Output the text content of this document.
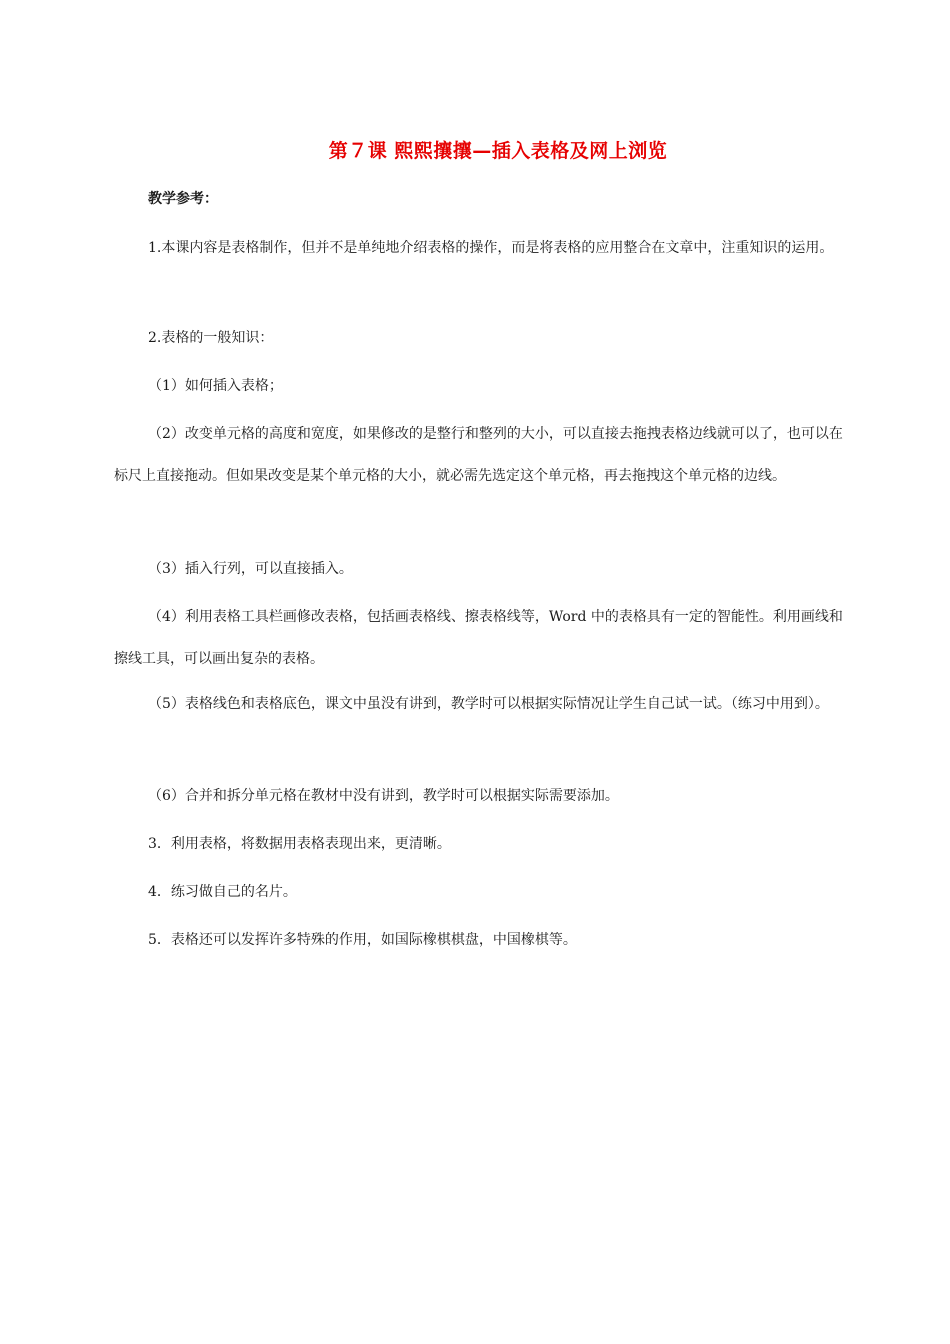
第７课 熙熙攘攘—插入表格及网上浏览
教学参考：

1.本课内容是表格制作，但并不是单纯地介绍表格的操作，而是将表格的应用整合在文章中，注重知识的运用。

2.表格的一般知识：

（1）如何插入表格；

（2）改变单元格的高度和宽度，如果修改的是整行和整列的大小，可以直接去拖拽表格边线就可以了，也可以在标尺上直接拖动。但如果改变是某个单元格的大小，就必需先选定这个单元格，再去拖拽这个单元格的边线。

（3）插入行列，可以直接插入。

（4）利用表格工具栏画修改表格，包括画表格线、擦表格线等，Word 中的表格具有一定的智能性。利用画线和擦线工具，可以画出复杂的表格。

（5）表格线色和表格底色，课文中虽没有讲到，教学时可以根据实际情况让学生自己试一试。（练习中用到）。

（6）合并和拆分单元格在教材中没有讲到，教学时可以根据实际需要添加。

3．利用表格，将数据用表格表现出来，更清晰。

4．练习做自己的名片。

5．表格还可以发挥许多特殊的作用，如国际橡棋棋盘，中国橡棋等。
